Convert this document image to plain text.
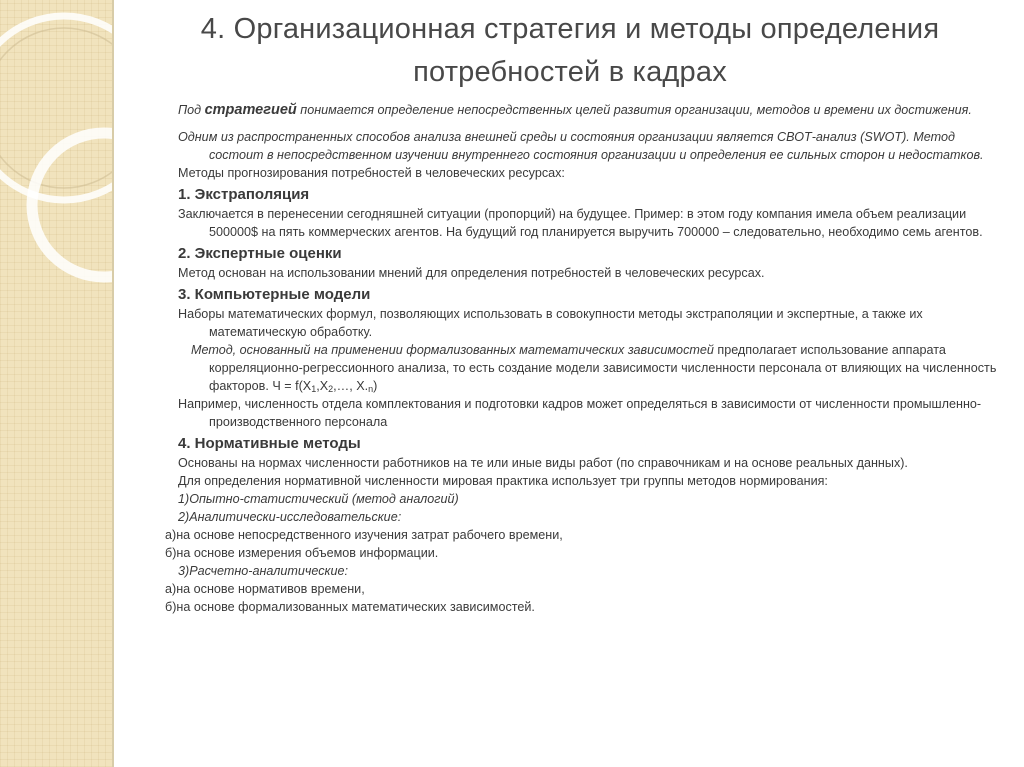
4. Организационная стратегия и методы определения
потребностей в кадрах

Под стратегией понимается определение непосредственных целей развития организации, методов и времени их достижения.

Одним из распространенных способов анализа внешней среды и состояния организации является СВОТ-анализ (SWOT). Метод состоит в непосредственном изучении внутреннего состояния организации и определения ее сильных сторон и недостатков.

Методы прогнозирования потребностей в человеческих ресурсах:

1. Экстраполяция

Заключается в перенесении сегодняшней ситуации (пропорций) на будущее. Пример: в этом году компания имела объем реализации 500000$ на пять коммерческих агентов. На будущий год планируется выручить 700000 – следовательно, необходимо семь агентов.

2. Экспертные оценки

Метод основан на использовании мнений для определения потребностей в человеческих ресурсах.

3. Компьютерные модели

Наборы математических формул, позволяющих использовать в совокупности методы экстраполяции и экспертные, а также их математическую обработку.

Метод, основанный на применении формализованных математических зависимостей предполагает использование аппарата корреляционно-регрессионного анализа, то есть создание модели зависимости численности персонала от влияющих на численность факторов. $Ч = f(X_1,X_2,\dots$, $X._n$)

Например, численность отдела комплектования и подготовки кадров может определяться в зависимости от численности промышленно-производственного персонала

4. Нормативные методы

Основаны на нормах численности работников на те или иные виды работ (по справочникам и на основе реальных данных).

Для определения нормативной численности мировая практика использует три группы методов нормирования:

1)Опытно-статистический (метод аналогий)

2)Аналитически-исследовательские:

а)на основе непосредственного изучения затрат рабочего времени,

б)на основе измерения объемов информации.

3)Расчетно-аналитические:

а)на основе нормативов времени,

б)на основе формализованных математических зависимостей.
